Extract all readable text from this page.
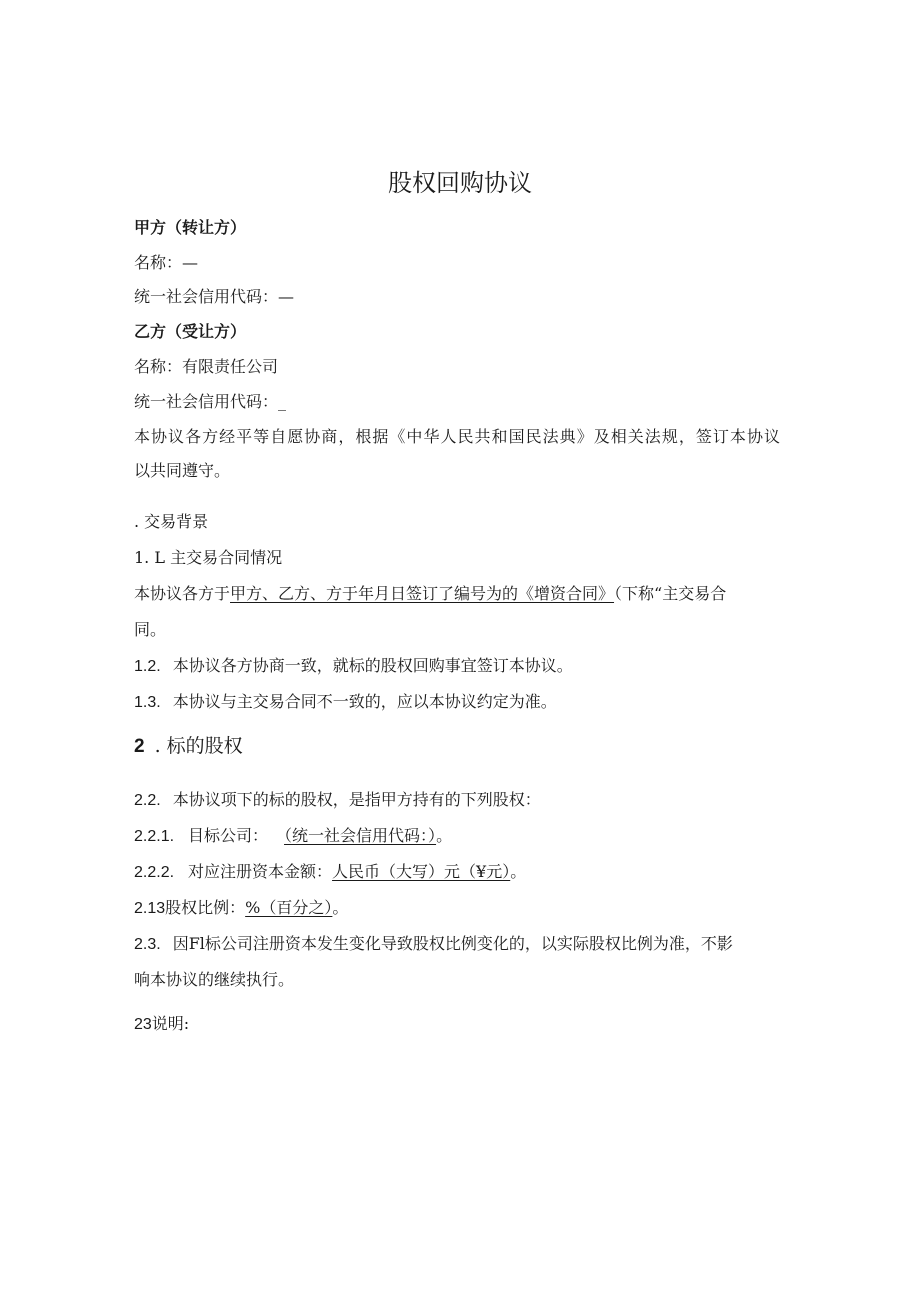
股权回购协议
甲方（转让方）
名称：—
统一社会信用代码：—
乙方（受让方）
名称：有限责任公司
统一社会信用代码：_
本协议各方经平等自愿协商，根据《中华人民共和国民法典》及相关法规，签订本协议
以共同遵守。
. 交易背景
1. L 主交易合同情况
本协议各方于甲方、乙方、方于年月日签订了编号为的《增资合同》（下称“主交易合
同。
1.2. 本协议各方协商一致，就标的股权回购事宜签订本协议。
1.3. 本协议与主交易合同不一致的，应以本协议约定为准。
2 . 标的股权
2.2. 本协议项下的标的股权，是指甲方持有的下列股权：
2.2.1. 目标公司： （统一社会信用代码：）。
2.2.2. 对应注册资本金额：人民币（大写）元（¥元）。
2.13股权比例：%（百分之）。
2.3. 因Fl标公司注册资本发生变化导致股权比例变化的，以实际股权比例为准，不影
响本协议的继续执行。
23说明:
